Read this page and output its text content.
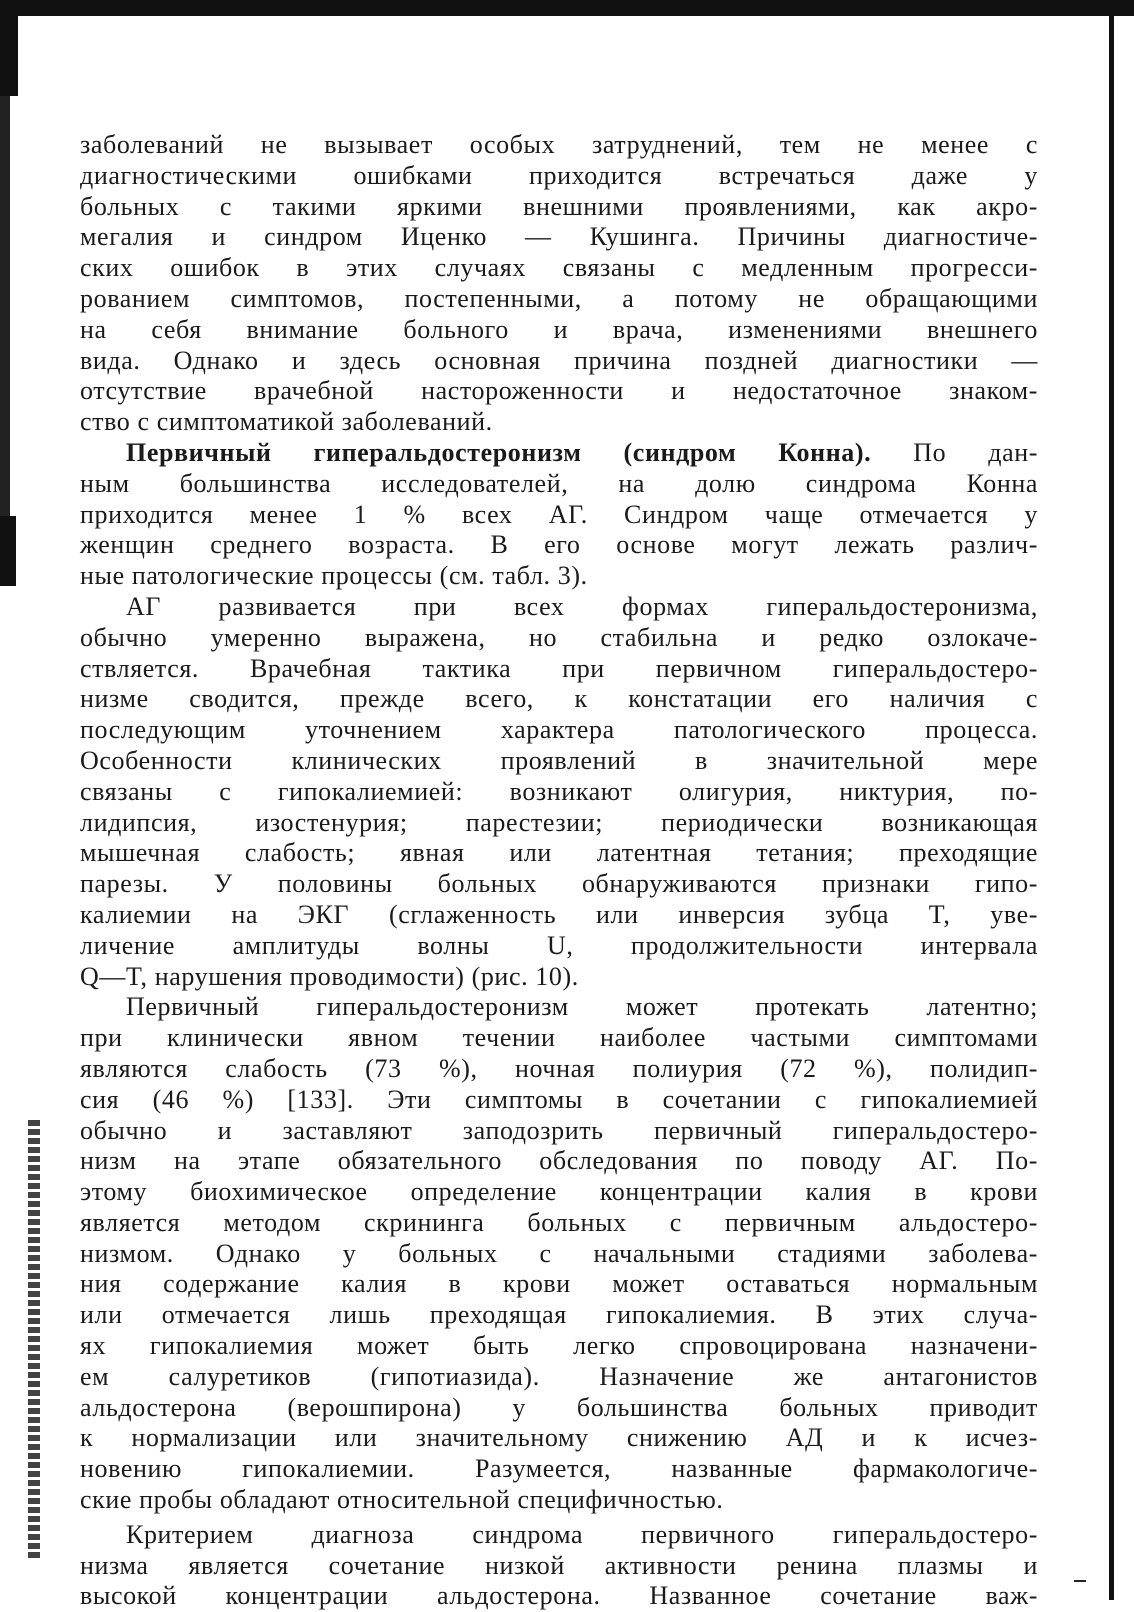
заболеваний не вызывает особых затруднений, тем не менее с
диагностическими ошибками приходится встречаться даже у
больных с такими яркими внешними проявлениями, как акро-
мегалия и синдром Иценко — Кушинга. Причины диагностиче-
ских ошибок в этих случаях связаны с медленным прогресси-
рованием симптомов, постепенными, а потому не обращающими
на себя внимание больного и врача, изменениями внешнего
вида. Однако и здесь основная причина поздней диагностики —
отсутствие врачебной настороженности и недостаточное знаком-
ство с симптоматикой заболеваний.
Первичный гиперальдостеронизм (синдром Конна). По дан-
ным большинства исследователей, на долю синдрома Конна
приходится менее 1 % всех АГ. Синдром чаще отмечается у
женщин среднего возраста. В его основе могут лежать различ-
ные патологические процессы (см. табл. 3).
АГ развивается при всех формах гиперальдостеронизма,
обычно умеренно выражена, но стабильна и редко озлокаче-
ствляется. Врачебная тактика при первичном гиперальдостеро-
низме сводится, прежде всего, к констатации его наличия с
последующим уточнением характера патологического процесса.
Особенности клинических проявлений в значительной мере
связаны с гипокалиемией: возникают олигурия, никтурия, по-
лидипсия, изостенурия; парестезии; периодически возникающая
мышечная слабость; явная или латентная тетания; преходящие
парезы. У половины больных обнаруживаются признаки гипо-
калиемии на ЭКГ (сглаженность или инверсия зубца T, уве-
личение амплитуды волны U, продолжительности интервала
Q—T, нарушения проводимости) (рис. 10).
Первичный гиперальдостеронизм может протекать латентно;
при клинически явном течении наиболее частыми симптомами
являются слабость (73 %), ночная полиурия (72 %), полидип-
сия (46 %) [133]. Эти симптомы в сочетании с гипокалиемией
обычно и заставляют заподозрить первичный гиперальдостеро-
низм на этапе обязательного обследования по поводу АГ. По-
этому биохимическое определение концентрации калия в крови
является методом скрининга больных с первичным альдостеро-
низмом. Однако у больных с начальными стадиями заболева-
ния содержание калия в крови может оставаться нормальным
или отмечается лишь преходящая гипокалиемия. В этих случа-
ях гипокалиемия может быть легко спровоцирована назначени-
ем салуретиков (гипотиазида). Назначение же антагонистов
альдостерона (верошпирона) у большинства больных приводит
к нормализации или значительному снижению АД и к исчез-
новению гипокалиемии. Разумеется, названные фармакологиче-
ские пробы обладают относительной специфичностью.
Критерием диагноза синдрома первичного гиперальдостеро-
низма является сочетание низкой активности ренина плазмы и
высокой концентрации альдостерона. Названное сочетание важ-
